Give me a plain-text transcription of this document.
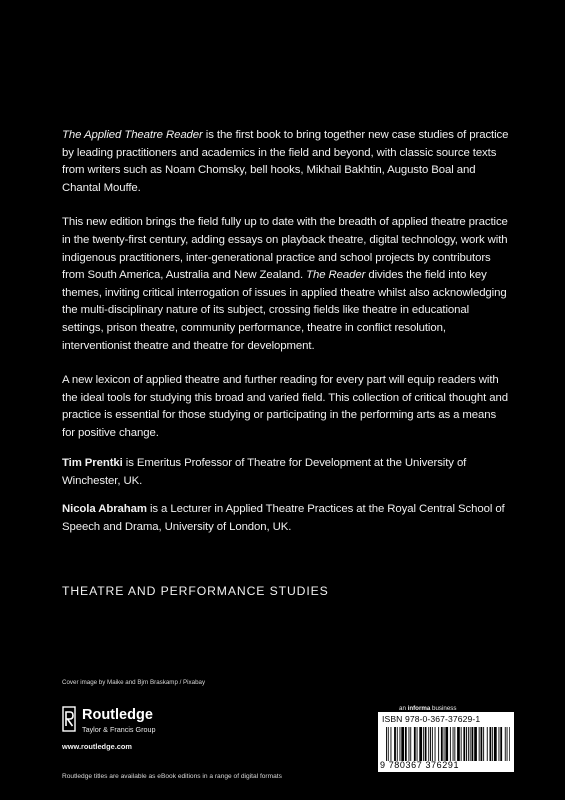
The Applied Theatre Reader is the first book to bring together new case studies of practice by leading practitioners and academics in the field and beyond, with classic source texts from writers such as Noam Chomsky, bell hooks, Mikhail Bakhtin, Augusto Boal and Chantal Mouffe.

This new edition brings the field fully up to date with the breadth of applied theatre practice in the twenty-first century, adding essays on playback theatre, digital technology, work with indigenous practitioners, inter-generational practice and school projects by contributors from South America, Australia and New Zealand. The Reader divides the field into key themes, inviting critical interrogation of issues in applied theatre whilst also acknowledging the multi-disciplinary nature of its subject, crossing fields like theatre in educational settings, prison theatre, community performance, theatre in conflict resolution, interventionist theatre and theatre for development.

A new lexicon of applied theatre and further reading for every part will equip readers with the ideal tools for studying this broad and varied field. This collection of critical thought and practice is essential for those studying or participating in the performing arts as a means for positive change.

Tim Prentki is Emeritus Professor of Theatre for Development at the University of Winchester, UK.

Nicola Abraham is a Lecturer in Applied Theatre Practices at the Royal Central School of Speech and Drama, University of London, UK.

THEATRE AND PERFORMANCE STUDIES

Cover image by Maike and Bjrn Braskamp / Pixabay
Routledge
Taylor & Francis Group
www.routledge.com
Routledge titles are available as eBook editions in a range of digital formats
an informa business
ISBN 978-0-367-37629-1
9 780367 376291
